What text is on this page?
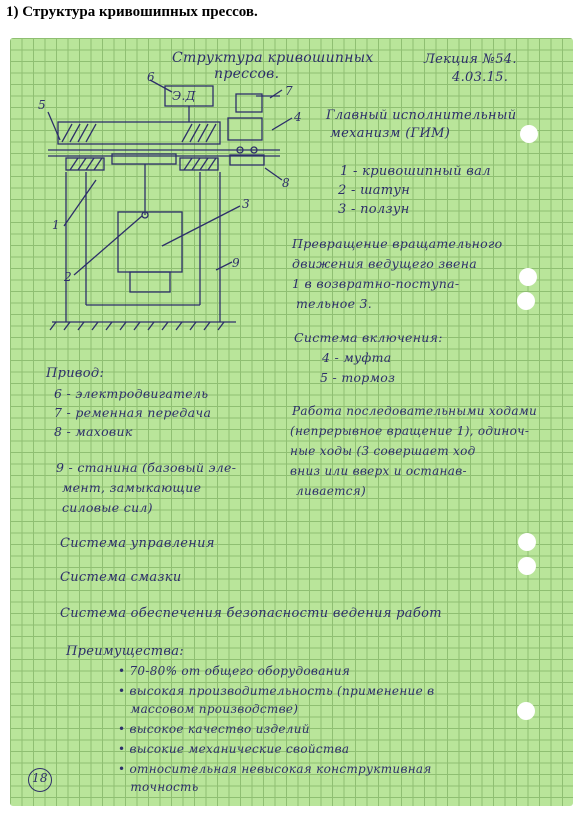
1) Структура кривошипных прессов.
5
6
Э.Д	7
4
8
3
1
9
2
Структура кривошипных
прессов.
Лекция №54.
4.03.15.
Главный исполнительный
механизм (ГИМ)
1 - кривошипный вал
2 - шатун
3 - ползун
Превращение вращательного
движения ведущего звена
1 в возвратно-поступа-
тельное 3.
Система включения:
4 - муфта
5 - тормоз
Работа последовательными ходами
(непрерывное вращение 1), одиноч-
ные ходы (3 совершает ход
вниз или вверх и останав-
ливается)
Привод:
6 - электродвигатель
7 - ременная передача
8 - маховик
9 - станина (базовый эле-
мент, замыкающие
силовые сил)
Система управления
Система смазки
Система обеспечения безопасности ведения работ
Преимущества:
• 70-80% от общего оборудования
• высокая производительность (применение в
массовом производстве)
• высокое качество изделий
• высокие механические свойства
• относительная невысокая конструктивная
точность
18
